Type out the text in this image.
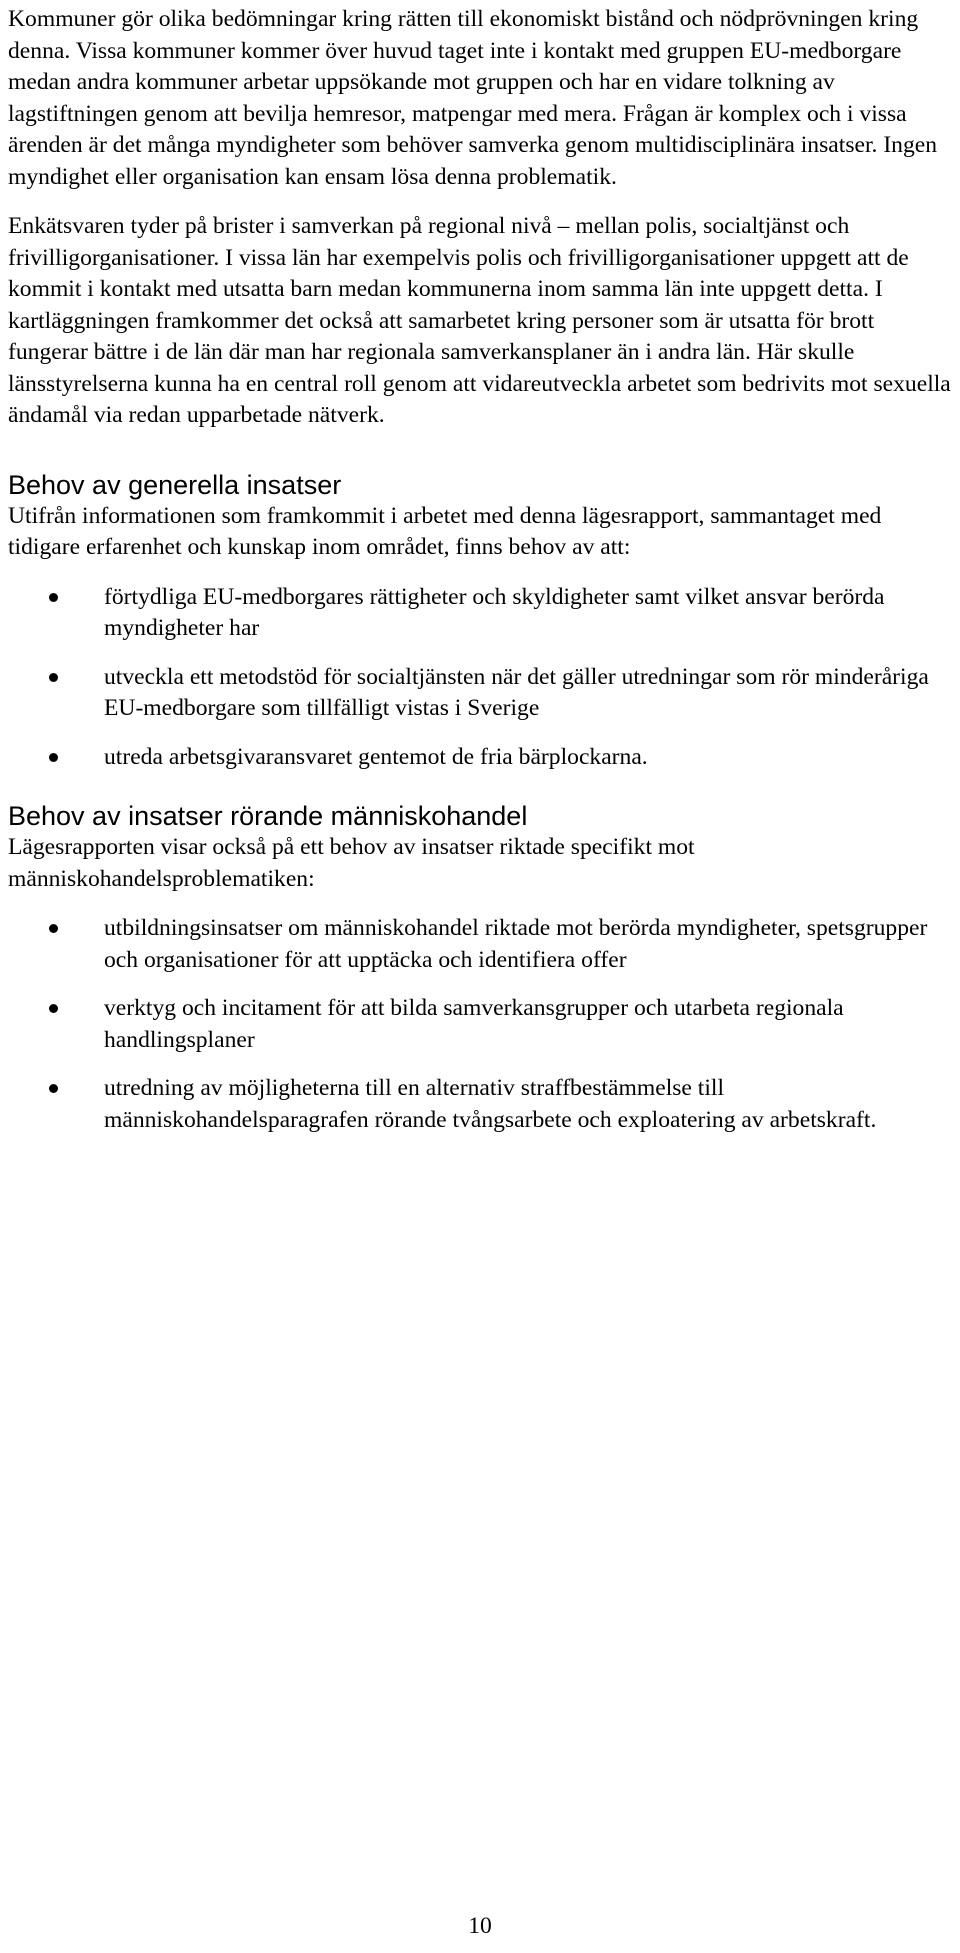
Kommuner gör olika bedömningar kring rätten till ekonomiskt bistånd och nödprövningen kring denna. Vissa kommuner kommer över huvud taget inte i kontakt med gruppen EU-medborgare medan andra kommuner arbetar uppsökande mot gruppen och har en vidare tolkning av lagstiftningen genom att bevilja hemresor, matpengar med mera. Frågan är komplex och i vissa ärenden är det många myndigheter som behöver samverka genom multidisciplinära insatser. Ingen myndighet eller organisation kan ensam lösa denna problematik.

Enkätsvaren tyder på brister i samverkan på regional nivå – mellan polis, socialtjänst och frivilligorganisationer. I vissa län har exempelvis polis och frivilligorganisationer uppgett att de kommit i kontakt med utsatta barn medan kommunerna inom samma län inte uppgett detta. I kartläggningen framkommer det också att samarbetet kring personer som är utsatta för brott fungerar bättre i de län där man har regionala samverkansplaner än i andra län. Här skulle länsstyrelserna kunna ha en central roll genom att vidareutveckla arbetet som bedrivits mot sexuella ändamål via redan upparbetade nätverk.

Behov av generella insatser

Utifrån informationen som framkommit i arbetet med denna lägesrapport, sammantaget med tidigare erfarenhet och kunskap inom området, finns behov av att:

förtydliga EU-medborgares rättigheter och skyldigheter samt vilket ansvar berörda myndigheter har
utveckla ett metodstöd för socialtjänsten när det gäller utredningar som rör minderåriga EU-medborgare som tillfälligt vistas i Sverige
utreda arbetsgivaransvaret gentemot de fria bärplockarna.
Behov av insatser rörande människohandel

Lägesrapporten visar också på ett behov av insatser riktade specifikt mot människohandelsproblematiken:

utbildningsinsatser om människohandel riktade mot berörda myndigheter, spetsgrupper och organisationer för att upptäcka och identifiera offer
verktyg och incitament för att bilda samverkansgrupper och utarbeta regionala handlingsplaner
utredning av möjligheterna till en alternativ straffbestämmelse till människohandelsparagrafen rörande tvångsarbete och exploatering av arbetskraft.
10
